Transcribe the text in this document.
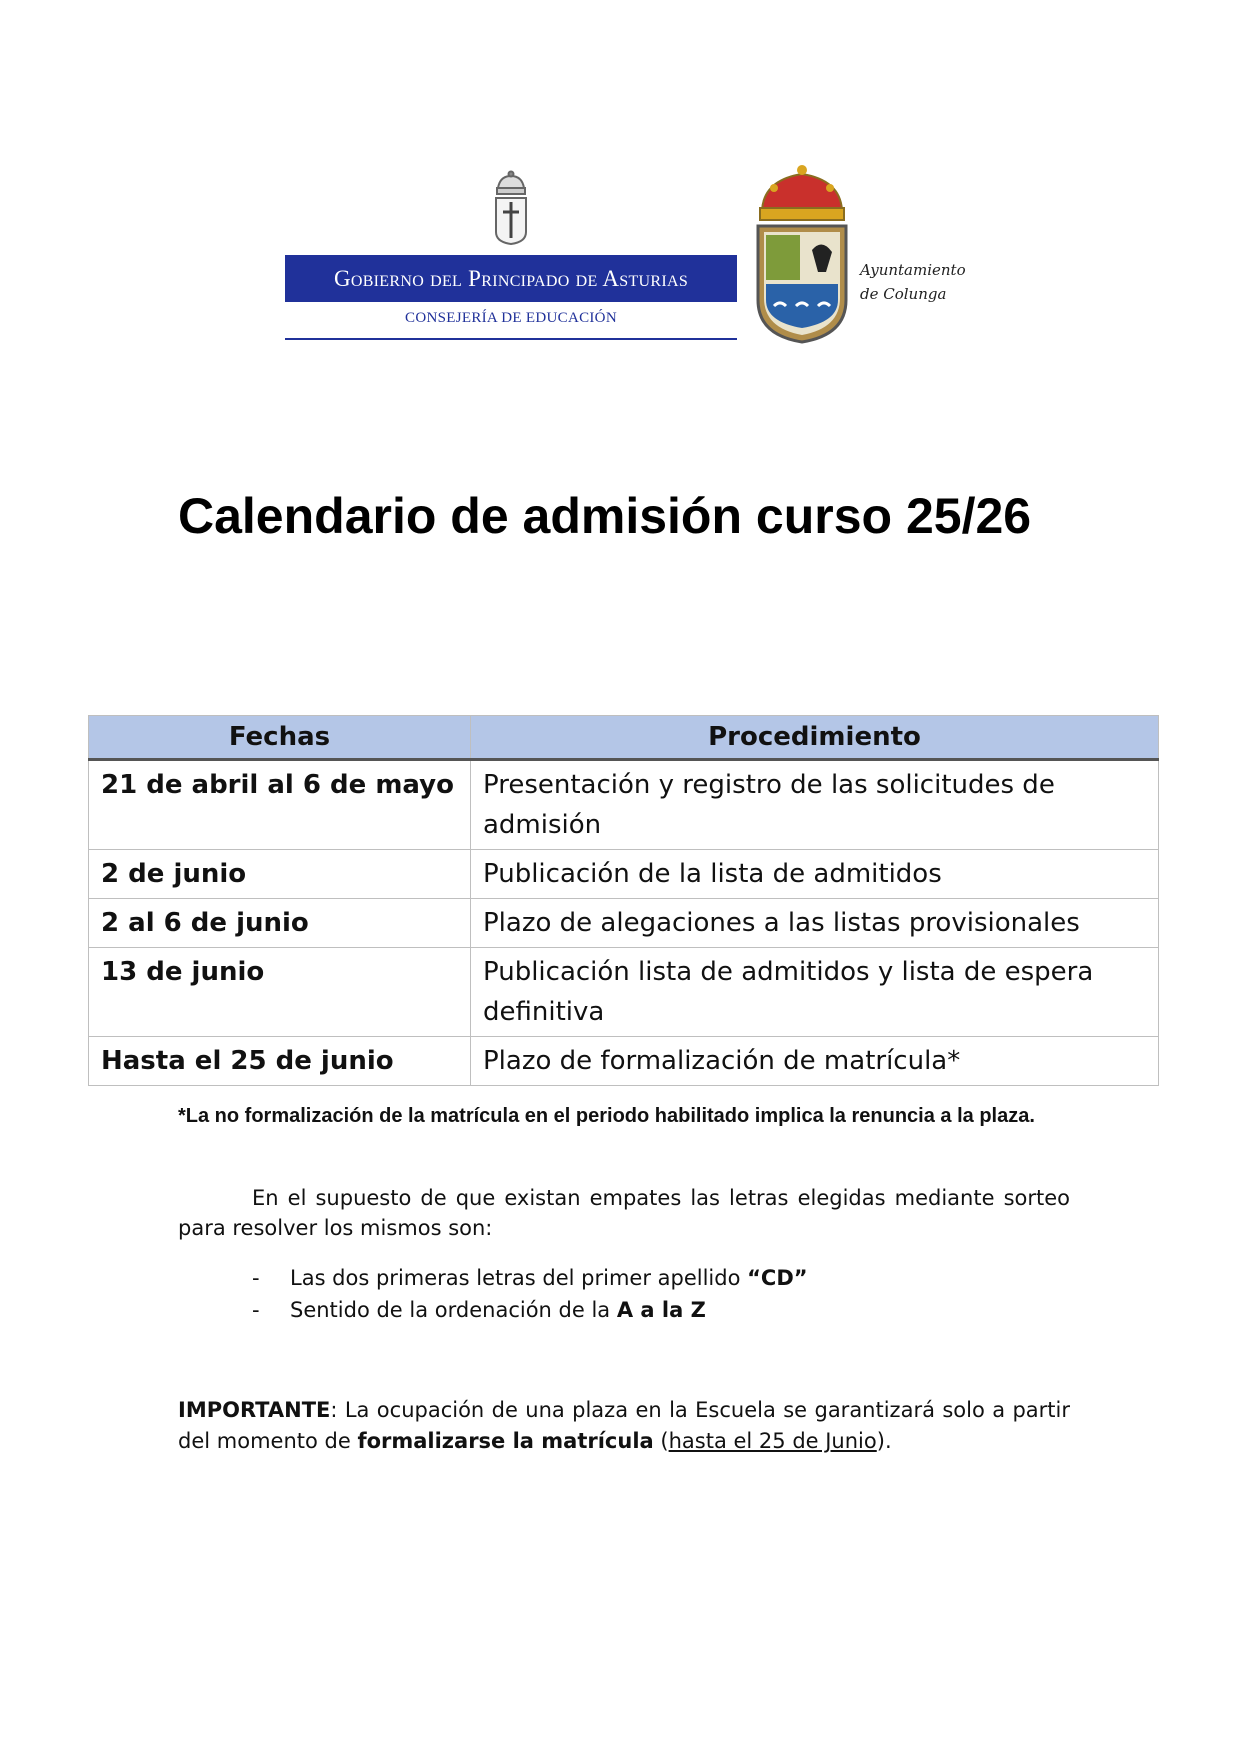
Gobierno del Principado de Asturias
CONSEJERÍA DE EDUCACIÓN
Ayuntamiento
de Colunga
Calendario de admisión curso 25/26
Fechas	Procedimiento
21 de abril al 6 de mayo	Presentación y registro de las solicitudes de admisión
2 de junio	Publicación de la lista de admitidos
2 al 6 de junio	Plazo de alegaciones a las listas provisionales
13 de junio	Publicación lista de admitidos y lista de espera definitiva
Hasta el 25 de junio	Plazo de formalización de matrícula*
*La no formalización de la matrícula en el periodo habilitado implica la renuncia a la plaza.
En el supuesto de que existan empates las letras elegidas mediante sorteo para resolver los mismos son:
- Las dos primeras letras del primer apellido “CD”
- Sentido de la ordenación de la A a la Z
IMPORTANTE: La ocupación de una plaza en la Escuela se garantizará solo a partir del momento de formalizarse la matrícula (hasta el 25 de Junio).
